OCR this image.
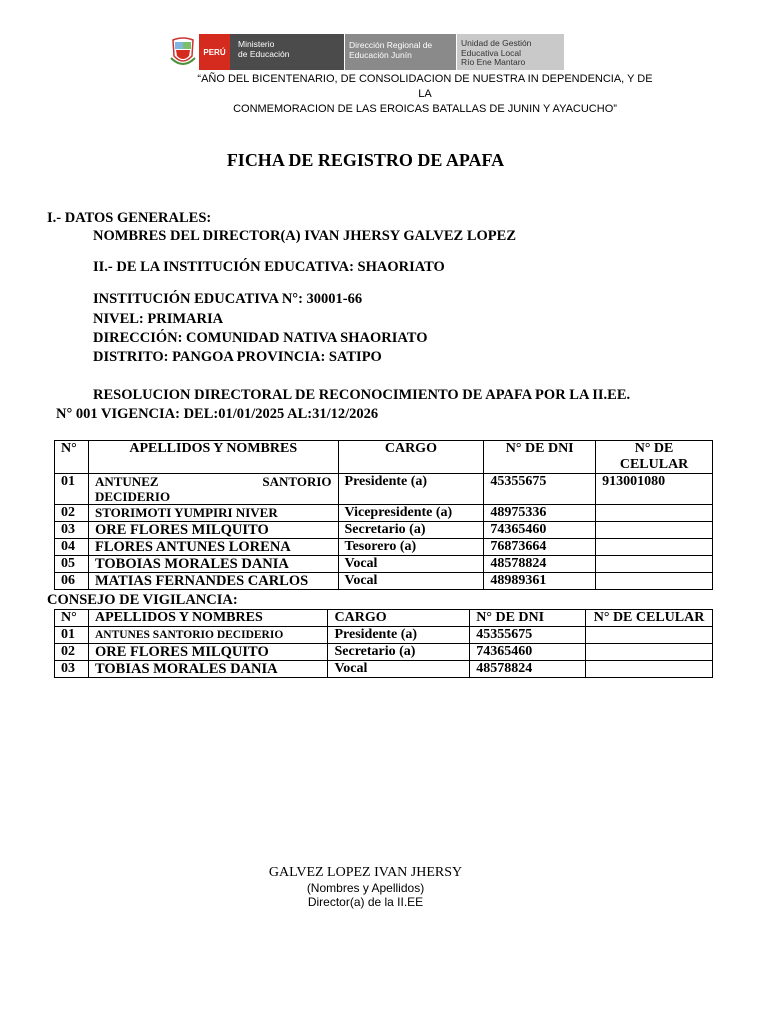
PERÚ
Ministerio
de Educación
Dirección Regional de
Educación Junín
Unidad de Gestión
Educativa Local
Río Ene Mantaro
“AÑO DEL BICENTENARIO, DE CONSOLIDACION DE NUESTRA IN DEPENDENCIA, Y DE LA
CONMEMORACION DE LAS EROICAS BATALLAS DE JUNIN Y AYACUCHO”
FICHA DE REGISTRO DE APAFA
I.- DATOS GENERALES:
NOMBRES DEL DIRECTOR(A) IVAN JHERSY GALVEZ LOPEZ
II.- DE LA INSTITUCIÓN EDUCATIVA: SHAORIATO
INSTITUCIÓN EDUCATIVA N°: 30001-66
NIVEL: PRIMARIA
DIRECCIÓN: COMUNIDAD NATIVA SHAORIATO
DISTRITO: PANGOA PROVINCIA: SATIPO
RESOLUCION DIRECTORAL DE RECONOCIMIENTO DE APAFA POR LA II.EE.
N° 001 VIGENCIA: DEL:01/01/2025 AL:31/12/2026
N°	APELLIDOS Y NOMBRES	CARGO	N° DE DNI	N° DE CELULAR
01	ANTUNEZ SANTORIO
DECIDERIO	Presidente (a)	45355675	913001080
02	STORIMOTI YUMPIRI NIVER	Vicepresidente (a)	48975336	
03	ORE FLORES MILQUITO	Secretario (a)	74365460	
04	FLORES ANTUNES LORENA	Tesorero (a)	76873664	
05	TOBOIAS MORALES DANIA	Vocal	48578824	
06	MATIAS FERNANDES CARLOS	Vocal	48989361	
CONSEJO DE VIGILANCIA:
N°	APELLIDOS Y NOMBRES	CARGO	N° DE DNI	N° DE CELULAR
01	ANTUNES SANTORIO DECIDERIO	Presidente (a)	45355675	
02	ORE FLORES MILQUITO	Secretario (a)	74365460	
03	TOBIAS MORALES DANIA	Vocal	48578824	
GALVEZ LOPEZ IVAN JHERSY
(Nombres y Apellidos)
Director(a) de la II.EE
